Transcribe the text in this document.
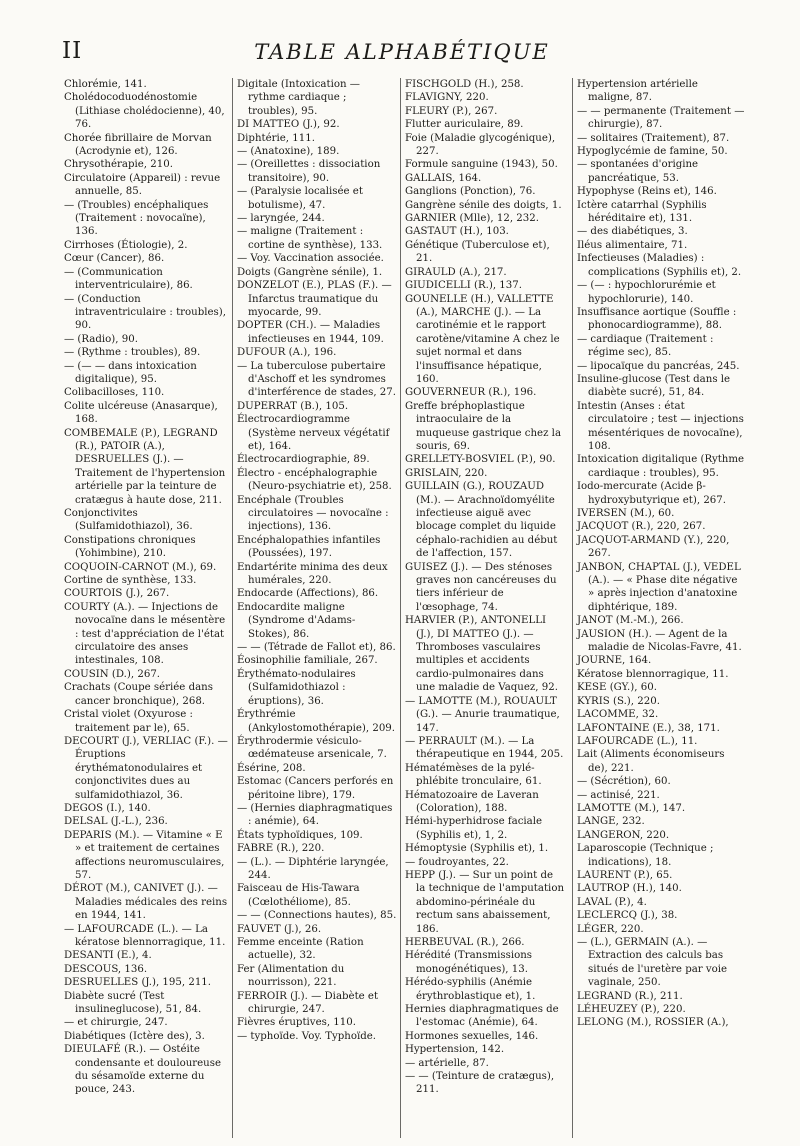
II	TABLE ALPHABÉTIQUE

Chlorémie, 141.

Cholédocoduodénostomie (Lithiase cholédocienne), 40, 76.

Chorée fibrillaire de Morvan (Acrodynie et), 126.

Chrysothérapie, 210.

Circulatoire (Appareil) : revue annuelle, 85.

— (Troubles) encéphaliques (Traitement : novocaïne), 136.

Cirrhoses (Étiologie), 2.

Cœur (Cancer), 86.

— (Communication interventriculaire), 86.

— (Conduction intraventriculaire : troubles), 90.

— (Radio), 90.

— (Rythme : troubles), 89.

— (— — dans intoxication digitalique), 95.

Colibacilloses, 110.

Colite ulcéreuse (Anasarque), 168.

COMBEMALE (P.), LEGRAND (R.), PATOIR (A.), DESRUELLES (J.). — Traitement de l'hypertension artérielle par la teinture de cratægus à haute dose, 211.

Conjonctivites (Sulfamidothiazol), 36.

Constipations chroniques (Yohimbine), 210.

COQUOIN-CARNOT (M.), 69.

Cortine de synthèse, 133.

COURTOIS (J.), 267.

COURTY (A.). — Injections de novocaïne dans le mésentère : test d'appréciation de l'état circulatoire des anses intestinales, 108.

COUSIN (D.), 267.

Crachats (Coupe sériée dans cancer bronchique), 268.

Cristal violet (Oxyurose : traitement par le), 65.

DECOURT (J.), VERLIAC (F.). — Éruptions érythématonodulaires et conjonctivites dues au sulfamidothiazol, 36.

DEGOS (I.), 140.

DELSAL (J.-L.), 236.

DEPARIS (M.). — Vitamine « E » et traitement de certaines affections neuromusculaires, 57.

DÉROT (M.), CANIVET (J.). — Maladies médicales des reins en 1944, 141.

— LAFOURCADE (L.). — La kératose blennorragique, 11.

DESANTI (E.), 4.

DESCOUS, 136.

DESRUELLES (J.), 195, 211.

Diabète sucré (Test insulineglucose), 51, 84.

— et chirurgie, 247.

Diabétiques (Ictère des), 3.

DIEULAFÉ (R.). — Ostéite condensante et douloureuse du sésamoïde externe du pouce, 243.

Digitale (Intoxication — rythme cardiaque ; troubles), 95.

DI MATTEO (J.), 92.

Diphtérie, 111.

— (Anatoxine), 189.

— (Oreillettes : dissociation transitoire), 90.

— (Paralysie localisée et botulisme), 47.

— laryngée, 244.

— maligne (Traitement : cortine de synthèse), 133.

— Voy. Vaccination associée.

Doigts (Gangrène sénile), 1.

DONZELOT (E.), PLAS (F.). — Infarctus traumatique du myocarde, 99.

DOPTER (CH.). — Maladies infectieuses en 1944, 109.

DUFOUR (A.), 196.

— La tuberculose pubertaire d'Aschoff et les syndromes d'interférence de stades, 27.

DUPERRAT (B.), 105.

Électrocardiogramme (Système nerveux végétatif et), 164.

Électrocardiographie, 89.

Électro - encéphalographie (Neuro-psychiatrie et), 258.

Encéphale (Troubles circulatoires — novocaïne : injections), 136.

Encéphalopathies infantiles (Poussées), 197.

Endartérite minima des deux humérales, 220.

Endocarde (Affections), 86.

Endocardite maligne (Syndrome d'Adams-Stokes), 86.

— — (Tétrade de Fallot et), 86.

Éosinophilie familiale, 267.

Érythémato-nodulaires (Sulfamidothiazol : éruptions), 36.

Érythrémie (Ankylostomothérapie), 209.

Érythrodermie vésiculo-œdémateuse arsenicale, 7.

Ésérine, 208.

Estomac (Cancers perforés en péritoine libre), 179.

— (Hernies diaphragmatiques : anémie), 64.

États typhoïdiques, 109.

FABRE (R.), 220.

— (L.). — Diphtérie laryngée, 244.

Faisceau de His-Tawara (Cœlothéliome), 85.

— — (Connections hautes), 85.

FAUVET (J.), 26.

Femme enceinte (Ration actuelle), 32.

Fer (Alimentation du nourrisson), 221.

FERROIR (J.). — Diabète et chirurgie, 247.

Fièvres éruptives, 110.

— typhoïde. Voy. Typhoïde.

FISCHGOLD (H.), 258.

FLAVIGNY, 220.

FLEURY (P.), 267.

Flutter auriculaire, 89.

Foie (Maladie glycogénique), 227.

Formule sanguine (1943), 50.

GALLAIS, 164.

Ganglions (Ponction), 76.

Gangrène sénile des doigts, 1.

GARNIER (Mlle), 12, 232.

GASTAUT (H.), 103.

Génétique (Tuberculose et), 21.

GIRAULD (A.), 217.

GIUDICELLI (R.), 137.

GOUNELLE (H.), VALLETTE (A.), MARCHE (J.). — La carotinémie et le rapport carotène/vitamine A chez le sujet normal et dans l'insuffisance hépatique, 160.

GOUVERNEUR (R.), 196.

Greffe bréphoplastique intraoculaire de la muqueuse gastrique chez la souris, 69.

GRELLETY-BOSVIEL (P.), 90.

GRISLAIN, 220.

GUILLAIN (G.), ROUZAUD (M.). — Arachnoïdomyélite infectieuse aiguë avec blocage complet du liquide céphalo-rachidien au début de l'affection, 157.

GUISEZ (J.). — Des sténoses graves non cancéreuses du tiers inférieur de l'œsophage, 74.

HARVIER (P.), ANTONELLI (J.), DI MATTEO (J.). — Thromboses vasculaires multiples et accidents cardio-pulmonaires dans une maladie de Vaquez, 92.

— LAMOTTE (M.), ROUAULT (G.). — Anurie traumatique, 147.

— PERRAULT (M.). — La thérapeutique en 1944, 205.

Hématémèses de la pylé-phlébite tronculaire, 61.

Hématozoaire de Laveran (Coloration), 188.

Hémi-hyperhidrose faciale (Syphilis et), 1, 2.

Hémoptysie (Syphilis et), 1.

— foudroyantes, 22.

HEPP (J.). — Sur un point de la technique de l'amputation abdomino-périnéale du rectum sans abaissement, 186.

HERBEUVAL (R.), 266.

Hérédité (Transmissions monogénétiques), 13.

Hérédo-syphilis (Anémie érythroblastique et), 1.

Hernies diaphragmatiques de l'estomac (Anémie), 64.

Hormones sexuelles, 146.

Hypertension, 142.

— artérielle, 87.

— — (Teinture de cratægus), 211.

Hypertension artérielle maligne, 87.

— — permanente (Traitement — chirurgie), 87.

— solitaires (Traitement), 87.

Hypoglycémie de famine, 50.

— spontanées d'origine pancréatique, 53.

Hypophyse (Reins et), 146.

Ictère catarrhal (Syphilis héréditaire et), 131.

— des diabétiques, 3.

Iléus alimentaire, 71.

Infectieuses (Maladies) : complications (Syphilis et), 2.

— (— : hypochlorurémie et hypochlorurie), 140.

Insuffisance aortique (Souffle : phonocardiogramme), 88.

— cardiaque (Traitement : régime sec), 85.

— lipocaïque du pancréas, 245.

Insuline-glucose (Test dans le diabète sucré), 51, 84.

Intestin (Anses : état circulatoire ; test — injections mésentériques de novocaïne), 108.

Intoxication digitalique (Rythme cardiaque : troubles), 95.

Iodo-mercurate (Acide β-hydroxybutyrique et), 267.

IVERSEN (M.), 60.

JACQUOT (R.), 220, 267.

JACQUOT-ARMAND (Y.), 220, 267.

JANBON, CHAPTAL (J.), VEDEL (A.). — « Phase dite négative » après injection d'anatoxine diphtérique, 189.

JANOT (M.-M.), 266.

JAUSION (H.). — Agent de la maladie de Nicolas-Favre, 41.

JOURNE, 164.

Kératose blennorragique, 11.

KESE (GY.), 60.

KYRIS (S.), 220.

LACOMME, 32.

LAFONTAINE (E.), 38, 171.

LAFOURCADE (L.), 11.

Lait (Aliments économiseurs de), 221.

— (Sécrétion), 60.

— actinisé, 221.

LAMOTTE (M.), 147.

LANGE, 232.

LANGERON, 220.

Laparoscopie (Technique ; indications), 18.

LAURENT (P.), 65.

LAUTROP (H.), 140.

LAVAL (P.), 4.

LECLERCQ (J.), 38.

LÉGER, 220.

— (L.), GERMAIN (A.). — Extraction des calculs bas situés de l'uretère par voie vaginale, 250.

LEGRAND (R.), 211.

LÉHEUZEY (P.), 220.

LELONG (M.), ROSSIER (A.),
